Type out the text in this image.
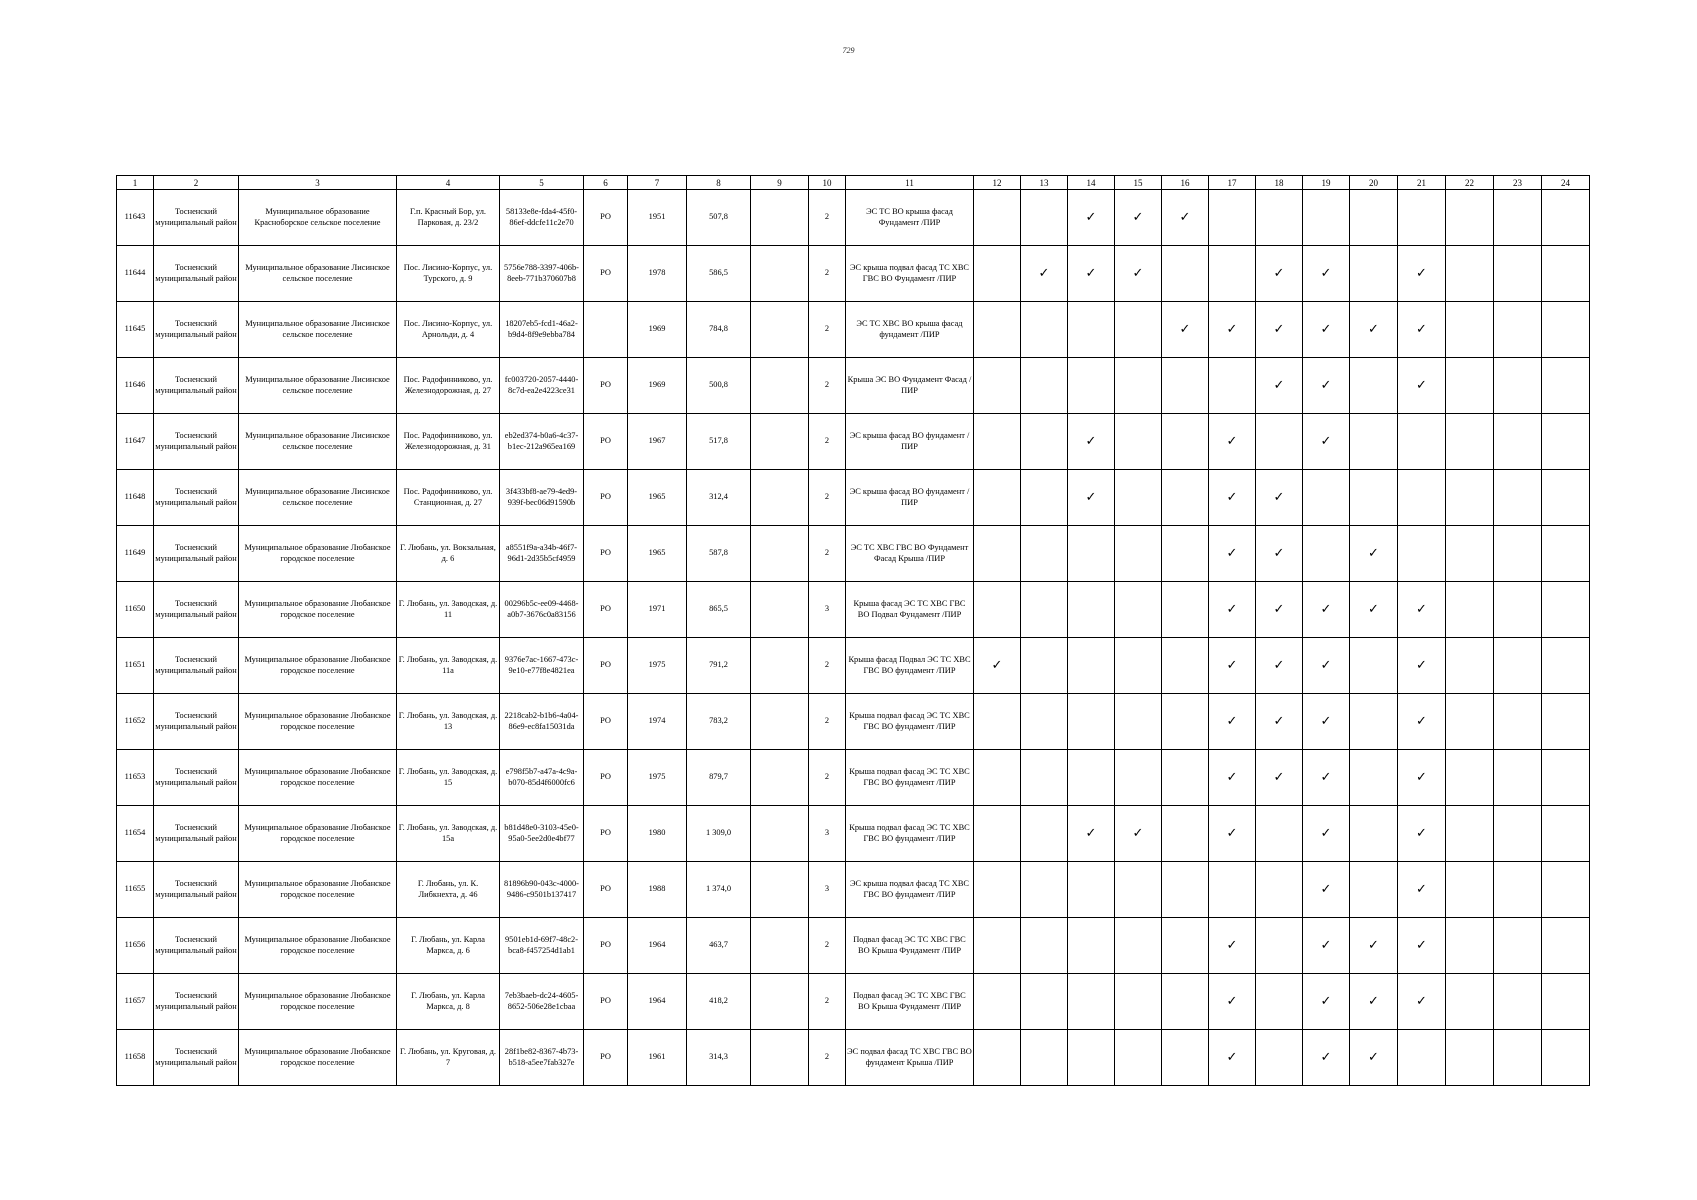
729
1	2	3	4	5	6	7	8	9	10	11	12	13	14	15	16	17	18	19	20	21	22	23	24
11643	Тосненский муниципальный район	Муниципальное образование Красноборское сельское поселение	Г.п. Красный Бор, ул. Парковая, д. 23/2	58133e8e-fda4-45f0-86ef-ddcfe11c2e70	РО	1951	507,8		2	ЭС ТС ВО крыша фасад Фундамент /ПИР			✓	✓	✓								
11644	Тосненский муниципальный район	Муниципальное образование Лисинское сельское поселение	Пос. Лисино-Корпус, ул. Турского, д. 9	5756e788-3397-406b-8eeb-771b370607b8	РО	1978	586,5		2	ЭС крыша подвал фасад ТС ХВС ГВС ВО Фундамент /ПИР		✓	✓	✓			✓	✓		✓			
11645	Тосненский муниципальный район	Муниципальное образование Лисинское сельское поселение	Пос. Лисино-Корпус, ул. Арнольди, д. 4	18207eb5-fcd1-46a2-b9d4-8f9e9ebba784		1969	784,8		2	ЭС ТС ХВС ВО крыша фасад фундамент /ПИР					✓	✓	✓	✓	✓	✓			
11646	Тосненский муниципальный район	Муниципальное образование Лисинское сельское поселение	Пос. Радофинниково, ул. Железнодорожная, д. 27	fc003720-2057-4440-8c7d-ea2e4223ce31	РО	1969	500,8		2	Крыша ЭС ВО Фундамент Фасад /ПИР							✓	✓		✓			
11647	Тосненский муниципальный район	Муниципальное образование Лисинское сельское поселение	Пос. Радофинниково, ул. Железнодорожная, д. 31	eb2ed374-b0a6-4c37-b1ec-212a965ea169	РО	1967	517,8		2	ЭС крыша фасад ВО фундамент /ПИР			✓			✓		✓					
11648	Тосненский муниципальный район	Муниципальное образование Лисинское сельское поселение	Пос. Радофинниково, ул. Станционная, д. 27	3f433bf8-ae79-4ed9-939f-bec06d91590b	РО	1965	312,4		2	ЭС крыша фасад ВО фундамент /ПИР			✓			✓	✓						
11649	Тосненский муниципальный район	Муниципальное образование Любанское городское поселение	Г. Любань, ул. Вокзальная, д. 6	a8551f9a-a34b-46f7-96d1-2d35b5cf4959	РО	1965	587,8		2	ЭС ТС ХВС ГВС ВО Фундамент Фасад Крыша /ПИР						✓	✓		✓				
11650	Тосненский муниципальный район	Муниципальное образование Любанское городское поселение	Г. Любань, ул. Заводская, д. 11	00296b5c-ee09-4468-a0b7-3676c0a83156	РО	1971	865,5		3	Крыша фасад ЭС ТС ХВС ГВС ВО Подвал Фундамент /ПИР						✓	✓	✓	✓	✓			
11651	Тосненский муниципальный район	Муниципальное образование Любанское городское поселение	Г. Любань, ул. Заводская, д. 11а	9376e7ac-1667-473c-9e10-e77f8e4821ea	РО	1975	791,2		2	Крыша фасад Подвал ЭС ТС ХВС ГВС ВО фундамент /ПИР	✓					✓	✓	✓		✓			
11652	Тосненский муниципальный район	Муниципальное образование Любанское городское поселение	Г. Любань, ул. Заводская, д. 13	2218cab2-b1b6-4a04-86e9-ec8fa15031da	РО	1974	783,2		2	Крыша подвал фасад ЭС ТС ХВС ГВС ВО фундамент /ПИР						✓	✓	✓		✓			
11653	Тосненский муниципальный район	Муниципальное образование Любанское городское поселение	Г. Любань, ул. Заводская, д. 15	e798f5b7-a47a-4c9a-b070-85d4f6000fc6	РО	1975	879,7		2	Крыша подвал фасад ЭС ТС ХВС ГВС ВО фундамент /ПИР						✓	✓	✓		✓			
11654	Тосненский муниципальный район	Муниципальное образование Любанское городское поселение	Г. Любань, ул. Заводская, д. 15а	b81d48e0-3103-45e0-95a0-5ee2d0e4bf77	РО	1980	1 309,0		3	Крыша подвал фасад ЭС ТС ХВС ГВС ВО фундамент /ПИР			✓	✓		✓		✓		✓			
11655	Тосненский муниципальный район	Муниципальное образование Любанское городское поселение	Г. Любань, ул. К. Либкнехта, д. 46	81896b90-043c-4000-9486-c9501b137417	РО	1988	1 374,0		3	ЭС крыша подвал фасад ТС ХВС ГВС ВО фундамент /ПИР								✓		✓			
11656	Тосненский муниципальный район	Муниципальное образование Любанское городское поселение	Г. Любань, ул. Карла Маркса, д. 6	9501eb1d-69f7-48c2-bca8-f457254d1ab1	РО	1964	463,7		2	Подвал фасад ЭС ТС ХВС ГВС ВО Крыша Фундамент /ПИР						✓		✓	✓	✓			
11657	Тосненский муниципальный район	Муниципальное образование Любанское городское поселение	Г. Любань, ул. Карла Маркса, д. 8	7eb3baeb-dc24-4605-8652-506e28e1cbaa	РО	1964	418,2		2	Подвал фасад ЭС ТС ХВС ГВС ВО Крыша Фундамент /ПИР						✓		✓	✓	✓			
11658	Тосненский муниципальный район	Муниципальное образование Любанское городское поселение	Г. Любань, ул. Круговая, д. 7	28f1be82-8367-4b73-b518-a5ee7fab327e	РО	1961	314,3		2	ЭС подвал фасад ТС ХВС ГВС ВО фундамент Крыша /ПИР						✓		✓	✓				
